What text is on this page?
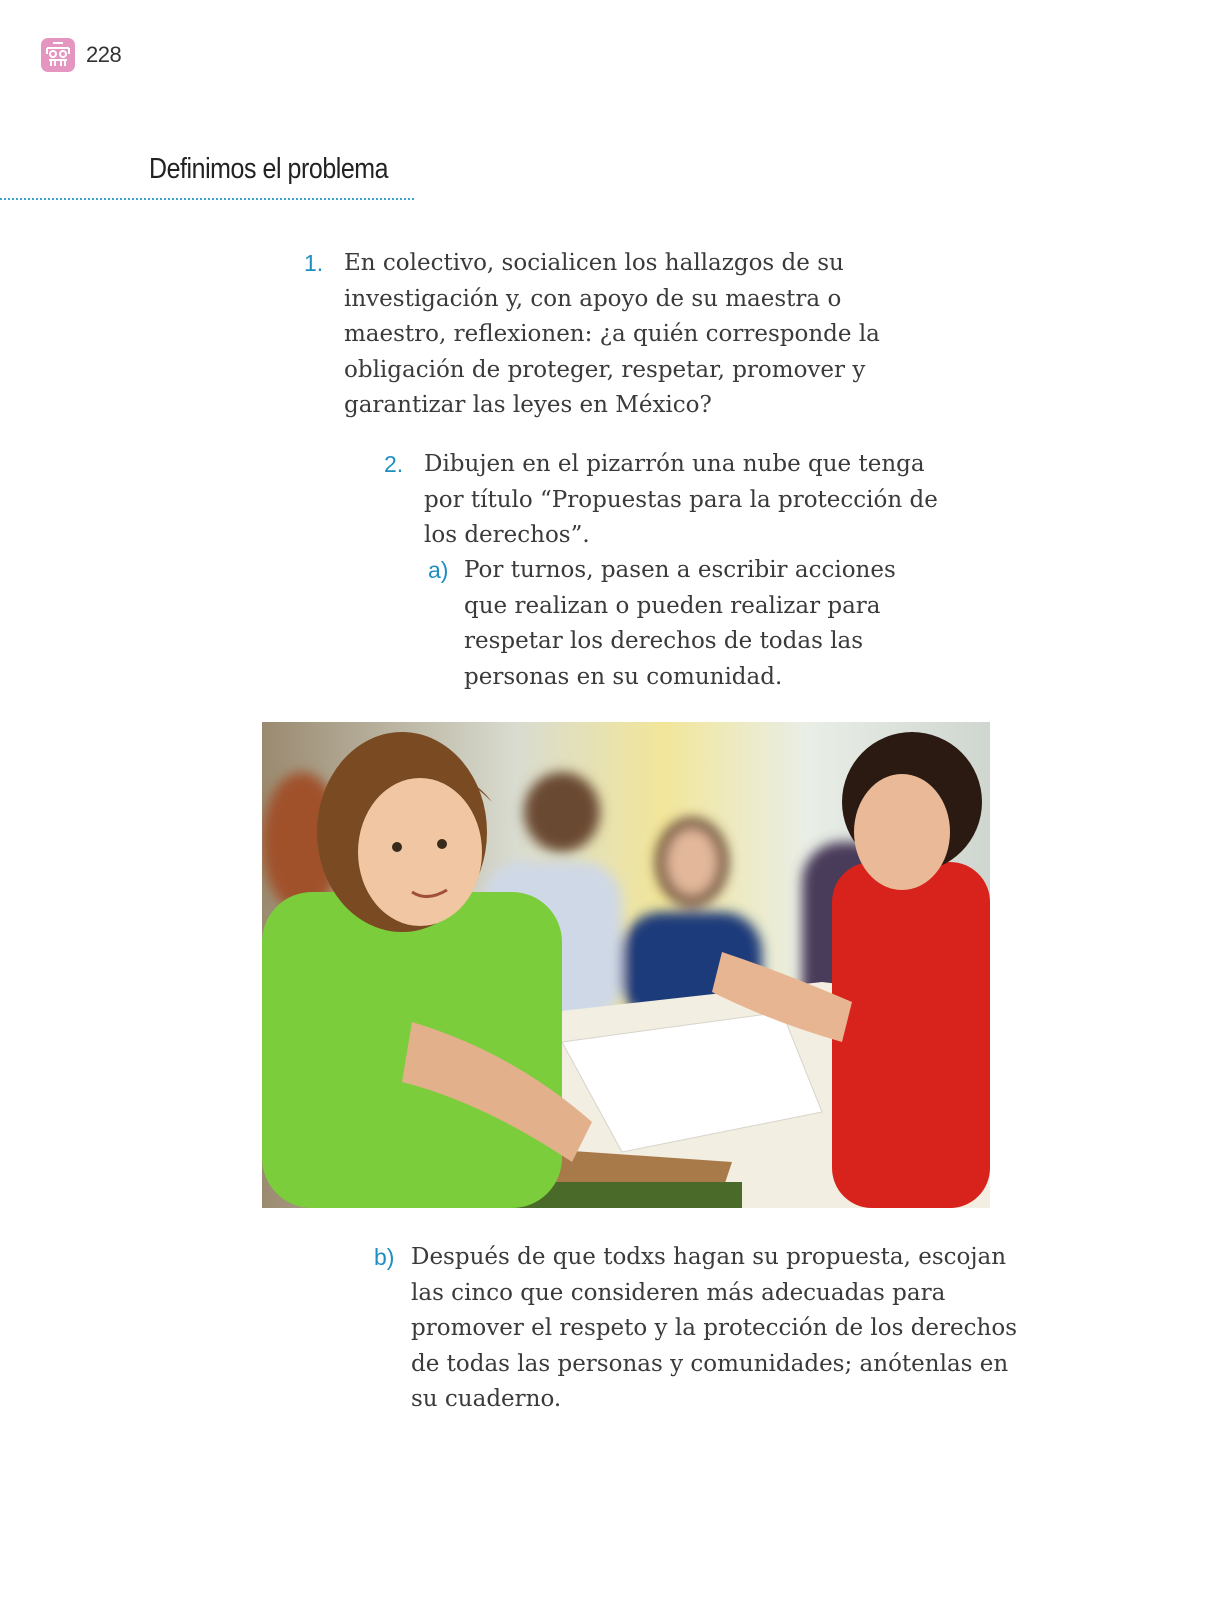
228
Definimos el problema
1. En colectivo, socialicen los hallazgos de su
investigación y, con apoyo de su maestra o
maestro, reflexionen: ¿a quién corresponde la
obligación de proteger, respetar, promover y
garantizar las leyes en México?

2. Dibujen en el pizarrón una nube que tenga
por título “Propuestas para la protección de
los derechos”.

a) Por turnos, pasen a escribir acciones
que realizan o pueden realizar para
respetar los derechos de todas las
personas en su comunidad.

b) Después de que todxs hagan su propuesta, escojan
las cinco que consideren más adecuadas para
promover el respeto y la protección de los derechos
de todas las personas y comunidades; anótenlas en
su cuaderno.
